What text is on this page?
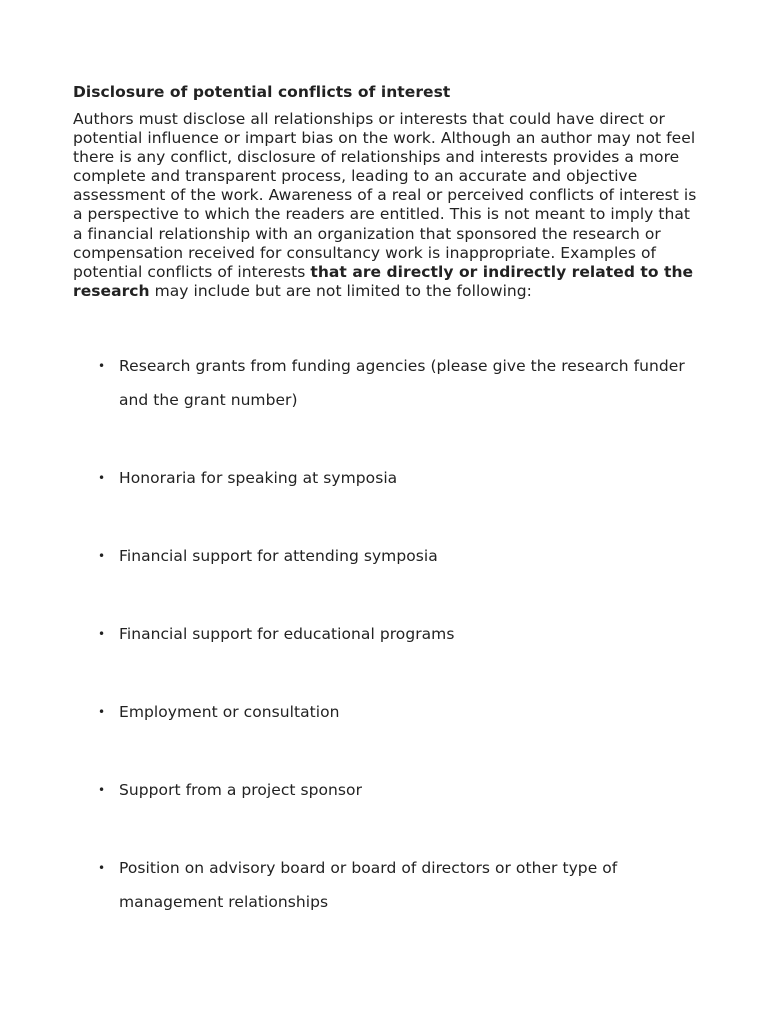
Disclosure of potential conflicts of interest

Authors must disclose all relationships or interests that could have direct or potential influence or impart bias on the work. Although an author may not feel there is any conflict, disclosure of relationships and interests provides a more complete and transparent process, leading to an accurate and objective assessment of the work. Awareness of a real or perceived conflicts of interest is a perspective to which the readers are entitled. This is not meant to imply that a financial relationship with an organization that sponsored the research or compensation received for consultancy work is inappropriate. Examples of potential conflicts of interests that are directly or indirectly related to the research may include but are not limited to the following:

• Research grants from funding agencies (please give the research funder and the grant number)
• Honoraria for speaking at symposia
• Financial support for attending symposia
• Financial support for educational programs
• Employment or consultation
• Support from a project sponsor
• Position on advisory board or board of directors or other type of management relationships
